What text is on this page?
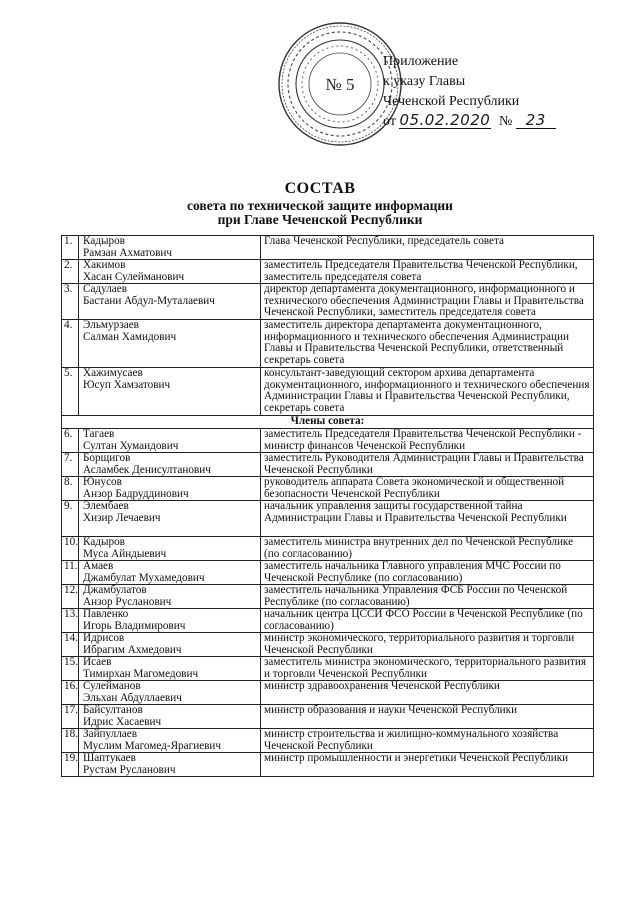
№ 5
Приложение
к указу Главы
Чеченской Республики
от 05.02.2020 № 23
СОСТАВ
совета по технической защите информации
при Главе Чеченской Республики
1.	Кадыров
Рамзан Ахматович	Глава Чеченской Республики, председатель совета
2.	Хакимов
Хасан Сулейманович	заместитель Председателя Правительства Чеченской Республики, заместитель председателя совета
3.	Садулаев
Бастани Абдул-Муталаевич	директор департамента документационного, информационного и технического обеспечения Администрации Главы и Правительства Чеченской Республики, заместитель председателя совета
4.	Эльмурзаев
Салман Хамидович	заместитель директора департамента документационного, информационного и технического обеспечения Администрации Главы и Правительства Чеченской Республики, ответственный секретарь совета
5.	Хажимусаев
Юсуп Хамзатович	консультант-заведующий сектором архива департамента документационного, информационного и технического обеспечения Администрации Главы и Правительства Чеченской Республики, секретарь совета
Члены совета:		
6.	Тагаев
Султан Хумаидович	заместитель Председателя Правительства Чеченской Республики - министр финансов Чеченской Республики
7.	Борщигов
Асламбек Денисултанович	заместитель Руководителя Администрации Главы и Правительства Чеченской Республики
8.	Юнусов
Анзор Бадруддинович	руководитель аппарата Совета экономической и общественной безопасности Чеченской Республики
9.	Элембаев
Хизир Лечаевич	начальник управления защиты государственной тайна Администрации Главы и Правительства Чеченской Республики
10.	Кадыров
Муса Айндыевич	заместитель министра внутренних дел по Чеченской Республике (по согласованию)
11.	Амаев
Джамбулат Мухамедович	заместитель начальника Главного управления МЧС России по Чеченской Республике (по согласованию)
12.	Джамбулатов
Анзор Русланович	заместитель начальника Управления ФСБ России по Чеченской Республике (по согласованию)
13.	Павленко
Игорь Владимирович	начальник центра ЦССИ ФСО России в Чеченской Республике (по согласованию)
14.	Идрисов
Ибрагим Ахмедович	министр экономического, территориального развития и торговли Чеченской Республики
15.	Исаев
Тимирхан Магомедович	заместитель министра экономического, территориального развития и торговли Чеченской Республики
16.	Сулейманов
Эльхан Абдуллаевич	министр здравоохранения Чеченской Республики
17.	Байсултанов
Идрис Хасаевич	министр образования и науки Чеченской Республики
18.	Зайпуллаев
Муслим Магомед-Ярагиевич	министр строительства и жилищно-коммунального хозяйства Чеченской Республики
19.	Шаптукаев
Рустам Русланович	министр промышленности и энергетики Чеченской Республики
